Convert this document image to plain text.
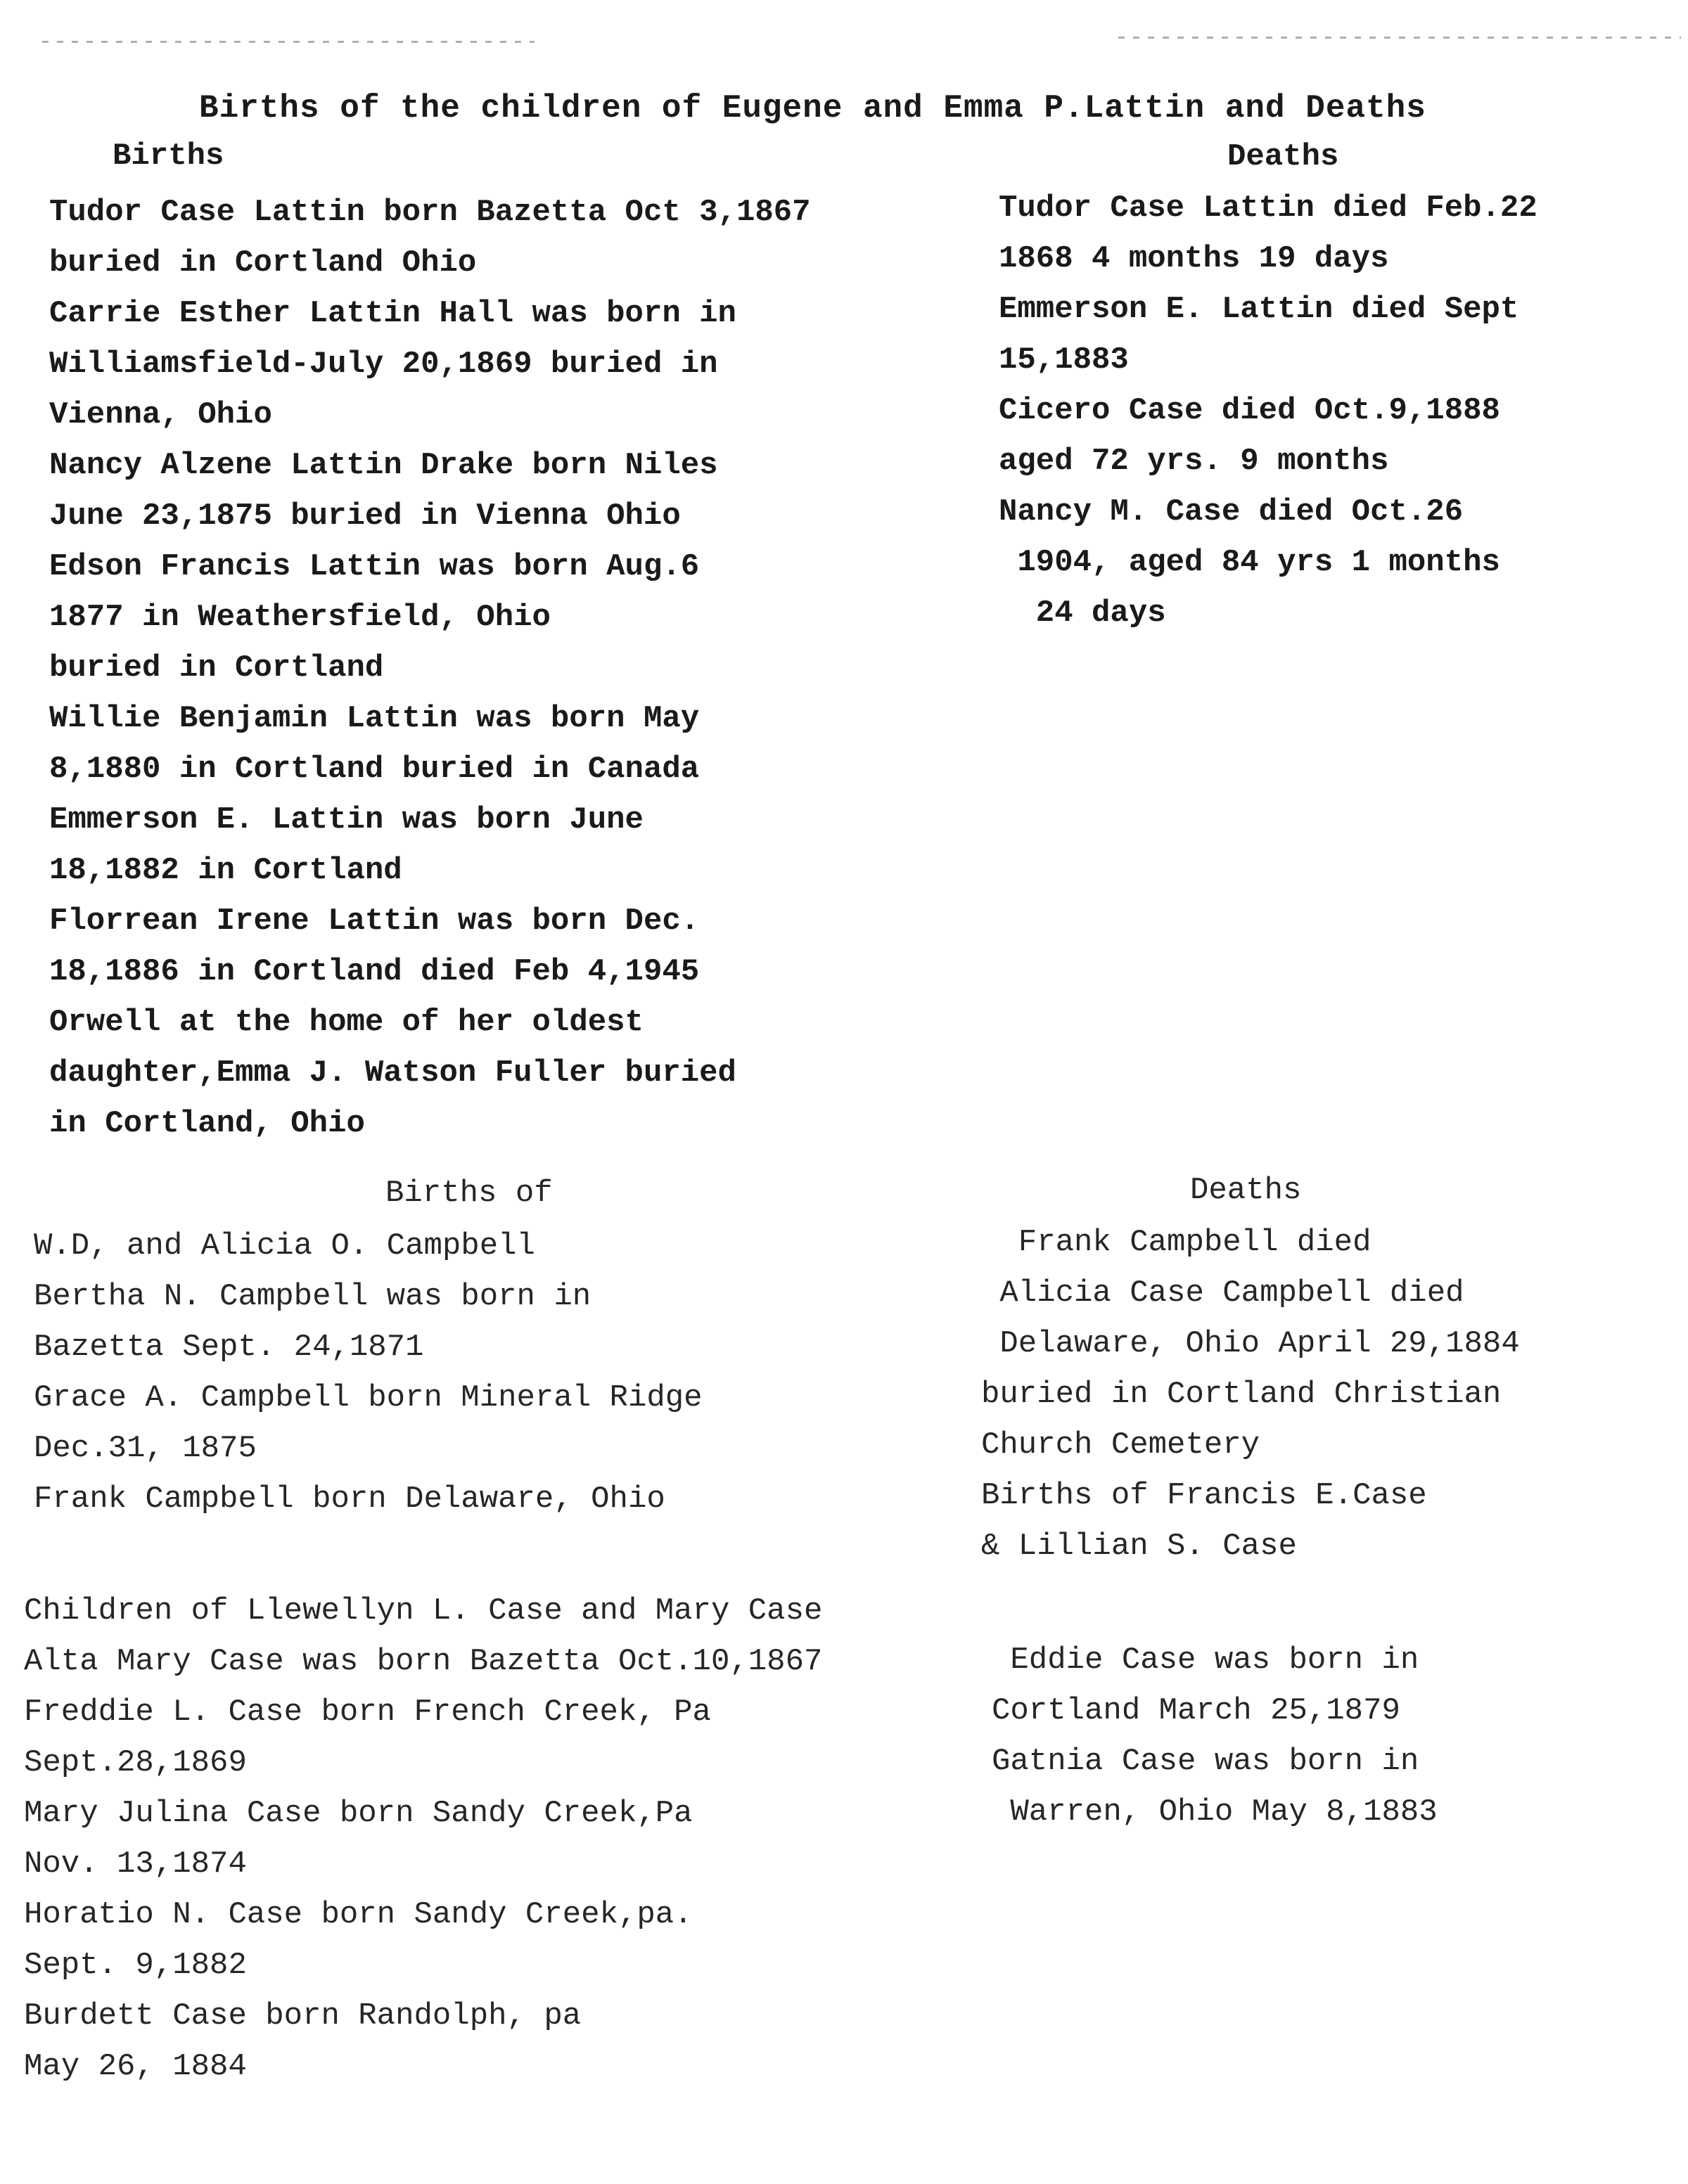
Births of the children of Eugene and Emma P.Lattin and Deaths
Births	Deaths
Tudor Case Lattin born Bazetta Oct 3,1867
buried in Cortland Ohio
Carrie Esther Lattin Hall was born in
Williamsfield-July 20,1869 buried in
Vienna, Ohio
Nancy Alzene Lattin Drake born Niles
June 23,1875 buried in Vienna Ohio
Edson Francis Lattin was born Aug.6
1877 in Weathersfield, Ohio
buried in Cortland
Willie Benjamin Lattin was born May
8,1880 in Cortland buried in Canada
Emmerson E. Lattin was born June
18,1882 in Cortland
Florrean Irene Lattin was born Dec.
18,1886 in Cortland died Feb 4,1945
Orwell at the home of her oldest
daughter,Emma J. Watson Fuller buried
in Cortland, Ohio
Tudor Case Lattin died Feb.22
1868 4 months 19 days
Emmerson E. Lattin died Sept
15,1883
Cicero Case died Oct.9,1888
aged 72 yrs. 9 months
Nancy M. Case died Oct.26
1904, aged 84 yrs 1 months
24 days
Births of	Deaths
W.D, and Alicia O. Campbell
Bertha N. Campbell was born in
Bazetta Sept. 24,1871
Grace A. Campbell born Mineral Ridge
Dec.31, 1875
Frank Campbell born Delaware, Ohio
Frank Campbell died
Alicia Case Campbell died
Delaware, Ohio April 29,1884
buried in Cortland Christian
Church Cemetery
Births of Francis E.Case
& Lillian S. Case
Children of Llewellyn L. Case and Mary Case
Alta Mary Case was born Bazetta Oct.10,1867
Freddie L. Case born French Creek, Pa
Sept.28,1869
Mary Julina Case born Sandy Creek,Pa
Nov. 13,1874
Horatio N. Case born Sandy Creek,pa.
Sept. 9,1882
Burdett Case born Randolph, pa
May 26, 1884
Eddie Case was born in
Cortland March 25,1879
Gatnia Case was born in
Warren, Ohio May 8,1883
